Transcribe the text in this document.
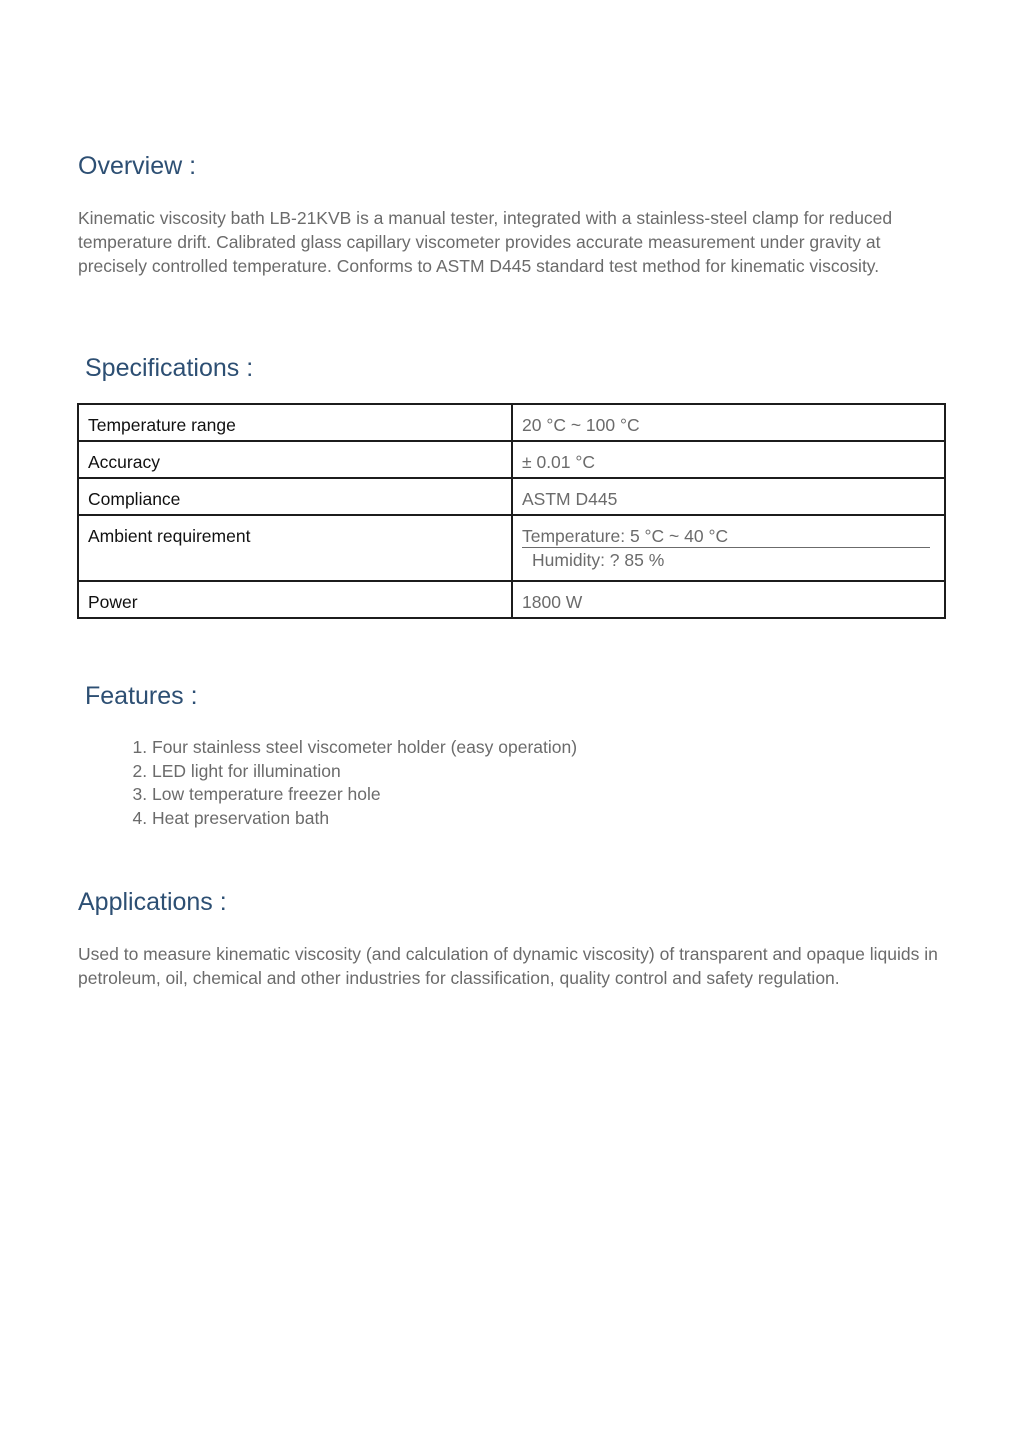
Overview :

Kinematic viscosity bath LB-21KVB is a manual tester, integrated with a stainless-steel clamp for reduced temperature drift. Calibrated glass capillary viscometer provides accurate measurement under gravity at precisely controlled temperature. Conforms to ASTM D445 standard test method for kinematic viscosity.

Specifications :
Temperature range	20 °C ~ 100 °C
Accuracy	± 0.01 °C
Compliance	ASTM D445
Ambient requirement	Temperature: 5 °C ~ 40 °C
Humidity: ? 85 %

Power	1800 W
Features :
1. Four stainless steel viscometer holder (easy operation)
2. LED light for illumination
3. Low temperature freezer hole
4. Heat preservation bath
Applications :

Used to measure kinematic viscosity (and calculation of dynamic viscosity) of transparent and opaque liquids in petroleum, oil, chemical and other industries for classification, quality control and safety regulation.
